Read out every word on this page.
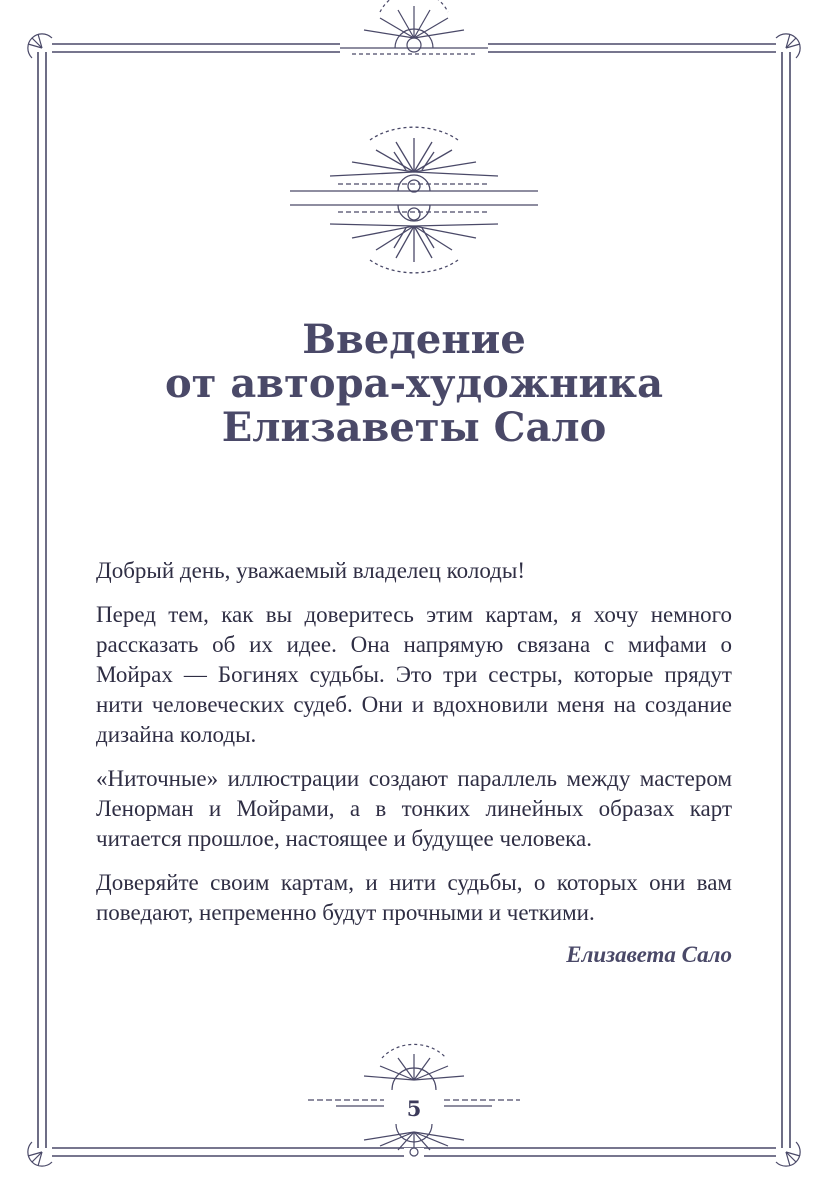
Введение
от автора-художника
Елизаветы Сало

Добрый день, уважаемый владелец колоды!

Перед тем, как вы доверитесь этим картам, я хочу немного рассказать об их идее. Она напрямую связана с мифами о Мойрах — Богинях судьбы. Это три сестры, которые прядут нити человеческих судеб. Они и вдохновили меня на создание дизайна колоды.

«Ниточные» иллюстрации создают параллель между мастером Ленорман и Мойрами, а в тонких линейных образах карт читается прошлое, настоящее и будущее человека.

Доверяйте своим картам, и нити судьбы, о которых они вам поведают, непременно будут прочными и четкими.

Елизавета Сало

5
